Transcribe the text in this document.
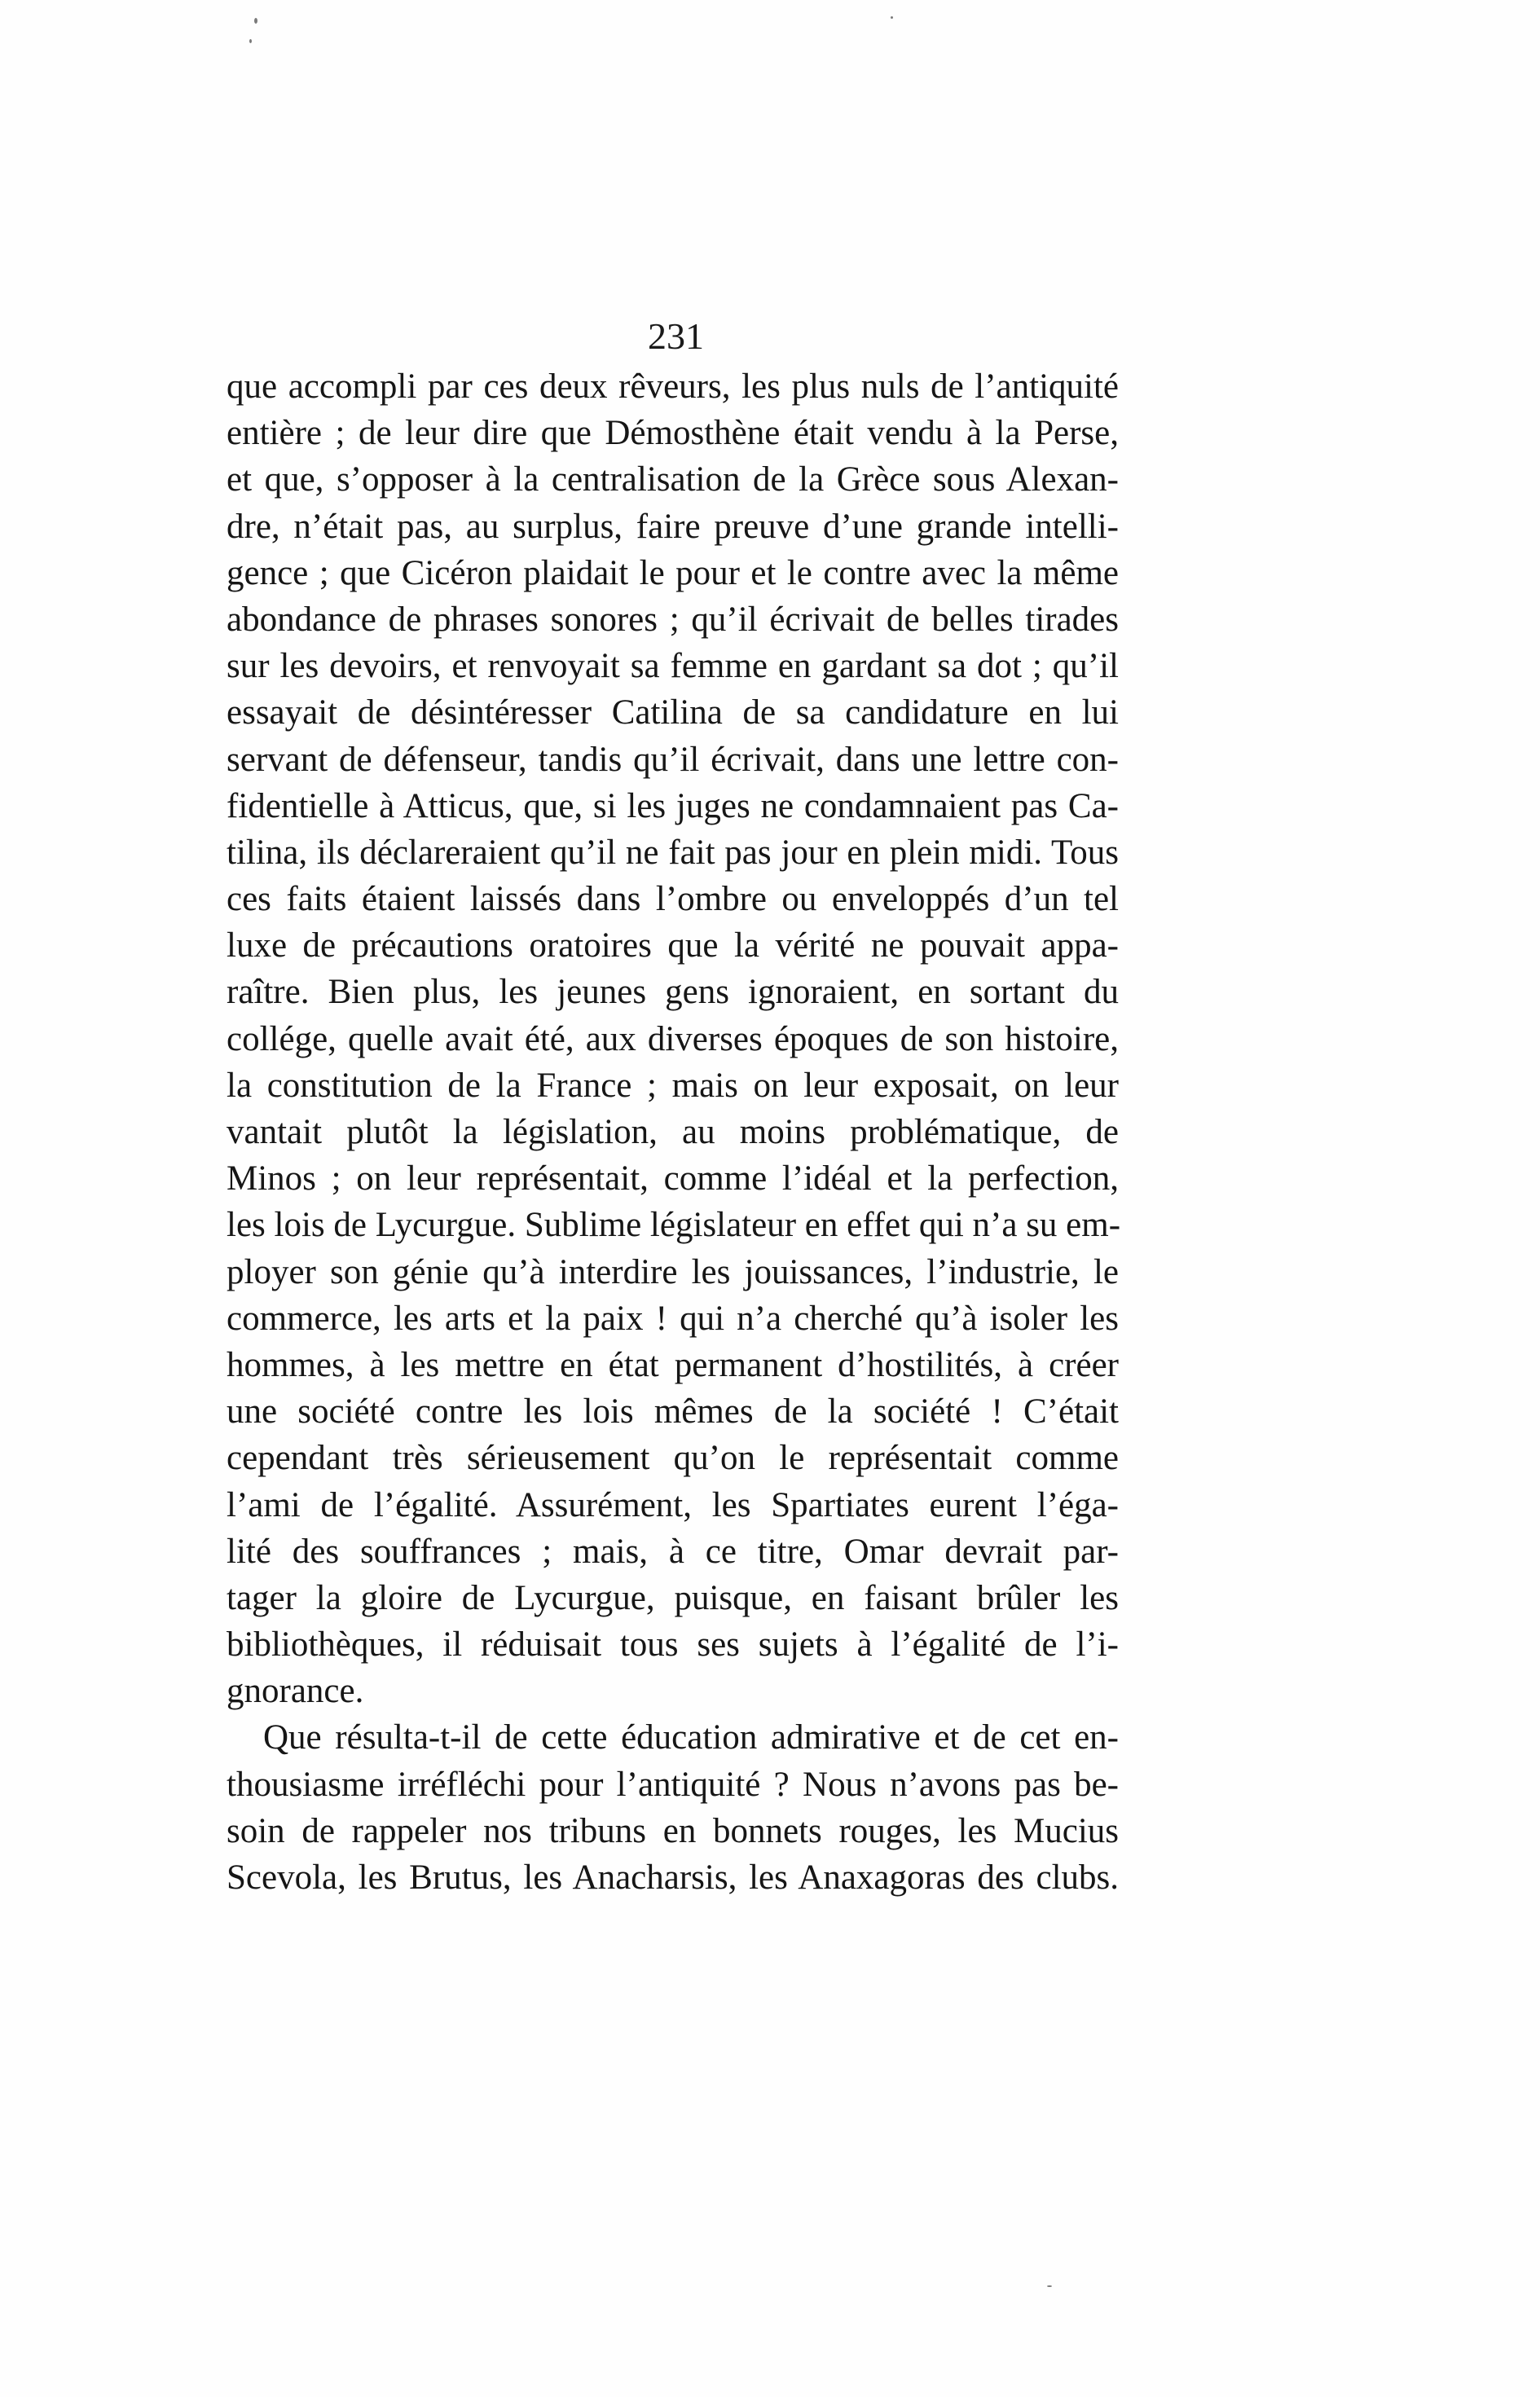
231
que accompli par ces deux rêveurs, les plus nuls de l’antiquité
entière ; de leur dire que Démosthène était vendu à la Perse,
et que, s’opposer à la centralisation de la Grèce sous Alexan-
dre, n’était pas, au surplus, faire preuve d’une grande intelli-
gence ; que Cicéron plaidait le pour et le contre avec la même
abondance de phrases sonores ; qu’il écrivait de belles tirades
sur les devoirs, et renvoyait sa femme en gardant sa dot ; qu’il
essayait de désintéresser Catilina de sa candidature en lui
servant de défenseur, tandis qu’il écrivait, dans une lettre con-
fidentielle à Atticus, que, si les juges ne condamnaient pas Ca-
tilina, ils déclareraient qu’il ne fait pas jour en plein midi. Tous
ces faits étaient laissés dans l’ombre ou enveloppés d’un tel
luxe de précautions oratoires que la vérité ne pouvait appa-
raître. Bien plus, les jeunes gens ignoraient, en sortant du
collége, quelle avait été, aux diverses époques de son histoire,
la constitution de la France ; mais on leur exposait, on leur
vantait plutôt la législation, au moins problématique, de
Minos ; on leur représentait, comme l’idéal et la perfection,
les lois de Lycurgue. Sublime législateur en effet qui n’a su em-
ployer son génie qu’à interdire les jouissances, l’industrie, le
commerce, les arts et la paix ! qui n’a cherché qu’à isoler les
hommes, à les mettre en état permanent d’hostilités, à créer
une société contre les lois mêmes de la société ! C’était
cependant très sérieusement qu’on le représentait comme
l’ami de l’égalité. Assurément, les Spartiates eurent l’éga-
lité des souffrances ; mais, à ce titre, Omar devrait par-
tager la gloire de Lycurgue, puisque, en faisant brûler les
bibliothèques, il réduisait tous ses sujets à l’égalité de l’i-
gnorance.
Que résulta-t-il de cette éducation admirative et de cet en-
thousiasme irréfléchi pour l’antiquité ? Nous n’avons pas be-
soin de rappeler nos tribuns en bonnets rouges, les Mucius
Scevola, les Brutus, les Anacharsis, les Anaxagoras des clubs.
